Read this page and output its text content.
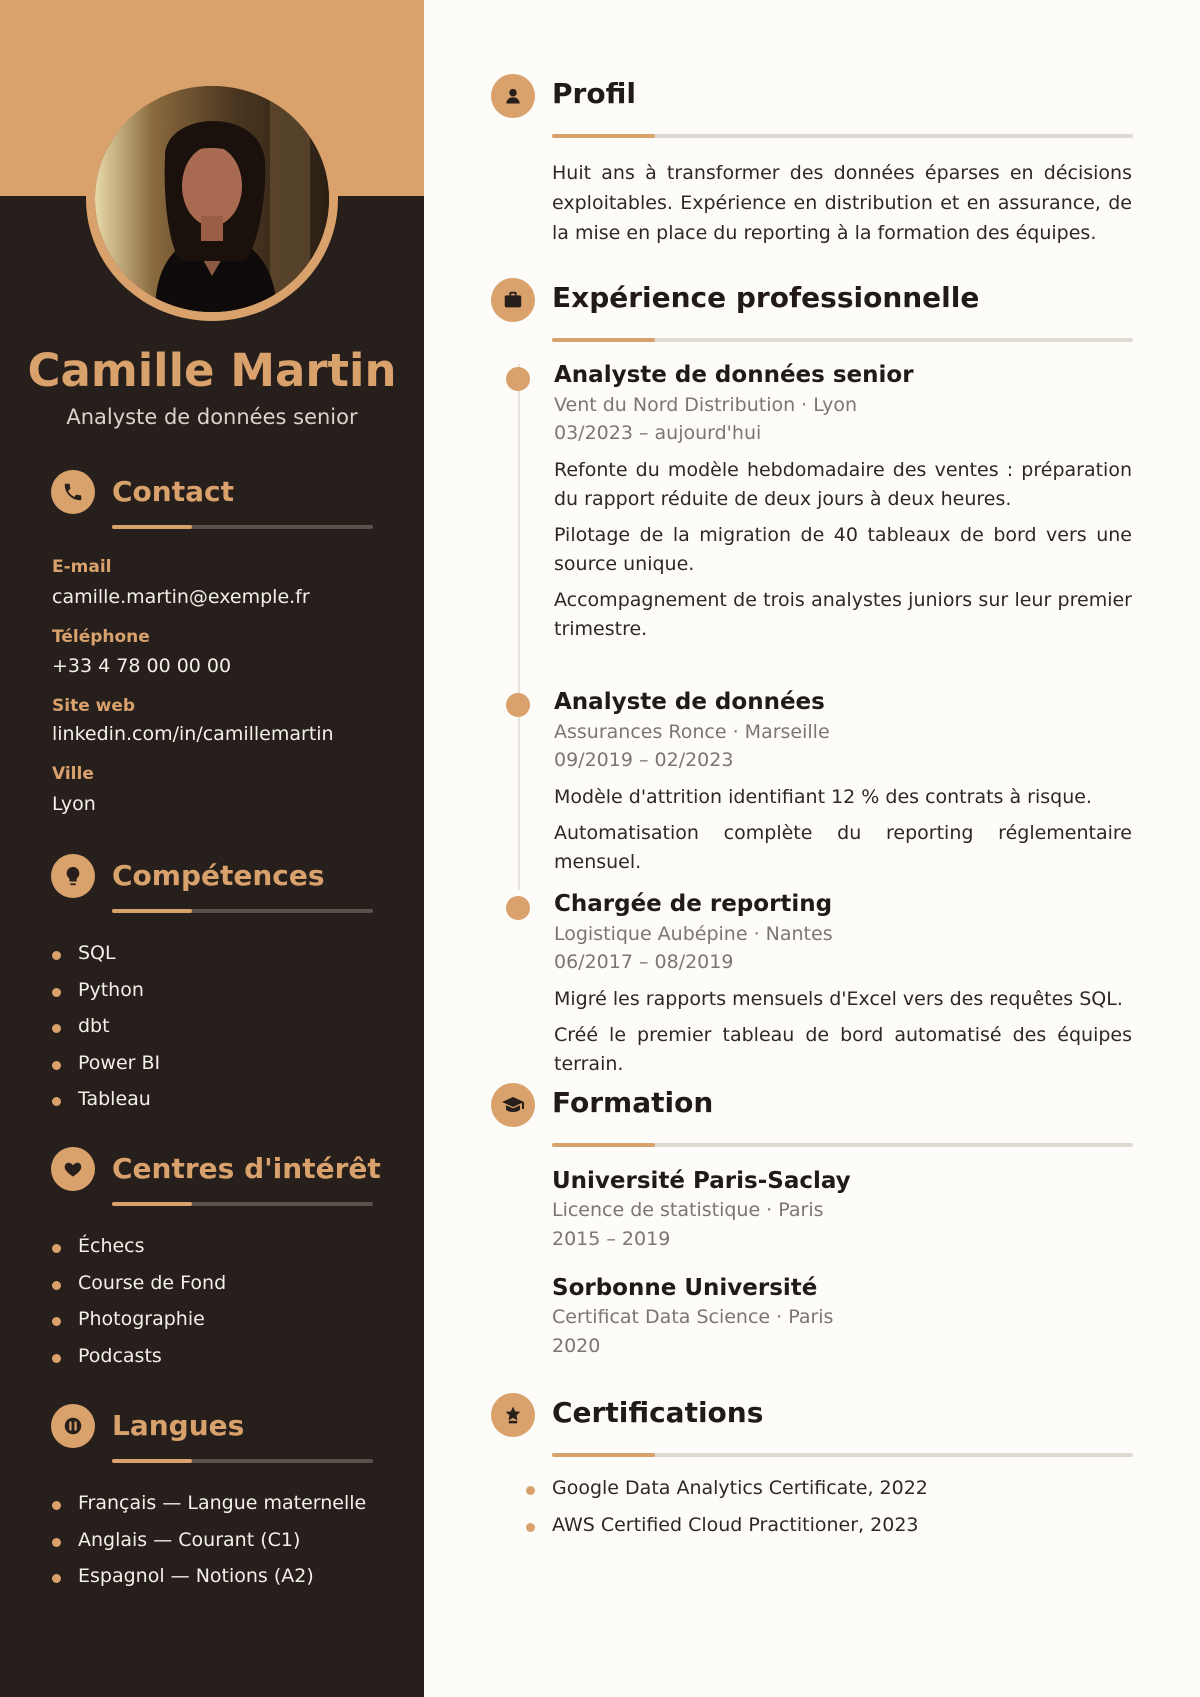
Camille Martin
Analyste de données senior
Contact
E-mail
camille.martin@exemple.fr
Téléphone
+33 4 78 00 00 00
Site web
linkedin.com/in/camillemartin
Ville
Lyon
Compétences
SQL
Python
dbt
Power BI
Tableau
Centres d'intérêt
Échecs
Course de Fond
Photographie
Podcasts
Langues
Français — Langue maternelle
Anglais — Courant (C1)
Espagnol — Notions (A2)
Profil

Huit ans à transformer des données éparses en décisions exploitables. Expérience en distribution et en assurance, de la mise en place du reporting à la formation des équipes.

Expérience professionnelle
Analyste de données senior
Vent du Nord Distribution · Lyon
03/2023 – aujourd'hui

Refonte du modèle hebdomadaire des ventes : préparation du rapport réduite de deux jours à deux heures.

Pilotage de la migration de 40 tableaux de bord vers une source unique.

Accompagnement de trois analystes juniors sur leur premier trimestre.

Analyste de données
Assurances Ronce · Marseille
09/2019 – 02/2023

Modèle d'attrition identifiant 12 % des contrats à risque.

Automatisation complète du reporting réglementaire mensuel.

Chargée de reporting
Logistique Aubépine · Nantes
06/2017 – 08/2019

Migré les rapports mensuels d'Excel vers des requêtes SQL.

Créé le premier tableau de bord automatisé des équipes terrain.

Formation
Université Paris-Saclay
Licence de statistique · Paris
2015 – 2019
Sorbonne Université
Certificat Data Science · Paris
2020
Certifications
Google Data Analytics Certificate, 2022
AWS Certified Cloud Practitioner, 2023
